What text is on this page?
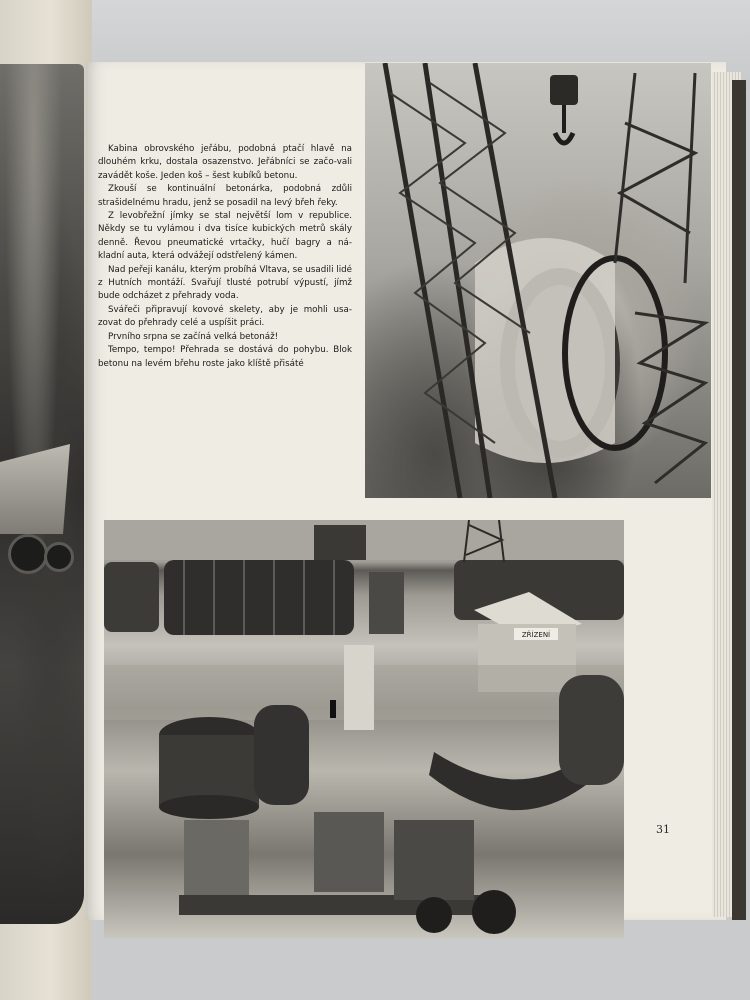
Kabina obrovského jeřábu, podobná ptačí hlavě na dlouhém krku, dostala osazenstvo. Jeřábníci se začo-vali zavádět koše. Jeden koš – šest kubíků betonu.

Zkouší se kontinuální betonárka, podobná zdůli strašidelnému hradu, jenž se posadil na levý břeh řeky.

Z levobřežní jímky se stal největší lom v republice. Někdy se tu vylámou i dva tisíce kubických metrů skály denně. Řevou pneumatické vrtačky, hučí bagry a ná-kladní auta, která odvážejí odstřelený kámen.

Nad peřeji kanálu, kterým probíhá Vltava, se usadili lidé z Hutních montáží. Svařují tlusté potrubí výpustí, jímž bude odcházet z přehrady voda.

Svářeči připravují kovové skelety, aby je mohli usa-zovat do přehrady celé a uspíšit práci.

Prvního srpna se začíná velká betonáž!

Tempo, tempo! Přehrada se dostává do pohybu. Blok betonu na levém břehu roste jako klíště přisáté

ZŘÍZENÍ
31
